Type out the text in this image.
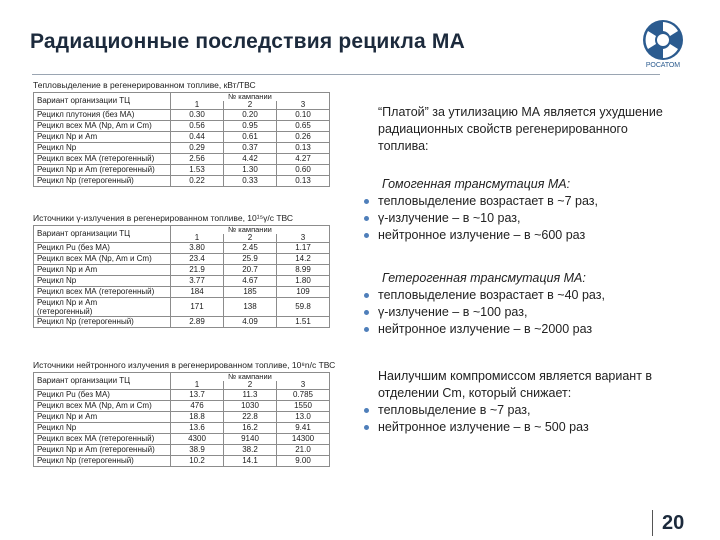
Радиационные последствия рецикла МА
РОСАТОМ
Тепловыделение в регенерированном топливе, кВт/ТВС
Вариант организации ТЦ	№ кампании		
	1	2	3
Рецикл плутония (без МА)	0.30	0.20	0.10
Рецикл всех МА (Np, Am и Cm)	0.56	0.95	0.65
Рецикл Np и Am	0.44	0.61	0.26
Рецикл Np	0.29	0.37	0.13
Рецикл всех МА (гетерогенный)	2.56	4.42	4.27
Рецикл Np и Am (гетерогенный)	1.53	1.30	0.60
Рецикл Np (гетерогенный)	0.22	0.33	0.13
Источники γ-излучения в регенерированном топливе, 10¹⁵γ/с ТВС
Вариант организации ТЦ	№ кампании		
	1	2	3
Рецикл Pu (без МА)	3.80	2.45	1.17
Рецикл всех МА (Np, Am и Cm)	23.4	25.9	14.2
Рецикл Np и Am	21.9	20.7	8.99
Рецикл Np	3.77	4.67	1.80
Рецикл всех МА (гетерогенный)	184	185	109
Рецикл Np и Am
(гетерогенный)	171	138	59.8
Рецикл Np (гетерогенный)	2.89	4.09	1.51
Источники нейтронного излучения в регенерированном топливе, 10⁸n/c ТВС
Вариант организации ТЦ	№ кампании		
	1	2	3
Рецикл Pu (без МА)	13.7	11.3	0.785
Рецикл всех МА (Np, Am и Cm)	476	1030	1550
Рецикл Np и Am	18.8	22.8	13.0
Рецикл Np	13.6	16.2	9.41
Рецикл всех МА (гетерогенный)	4300	9140	14300
Рецикл Np и Am (гетерогенный)	38.9	38.2	21.0
Рецикл Np (гетерогенный)	10.2	14.1	9.00
“Платой” за утилизацию МА является ухудшение радиационных свойств регенерированного топлива:
Гомогенная трансмутация МА:
тепловыделение возрастает в ~7 раз,
γ-излучение – в ~10 раз,
нейтронное излучение – в ~600 раз
Гетерогенная трансмутация МА:
тепловыделение возрастает в ~40 раз,
γ-излучение – в ~100 раз,
нейтронное излучение – в ~2000 раз
Наилучшим компромиссом является вариант в отделении Cm, который снижает:
тепловыделение в ~7 раз,
нейтронное излучение – в ~ 500 раз
20
